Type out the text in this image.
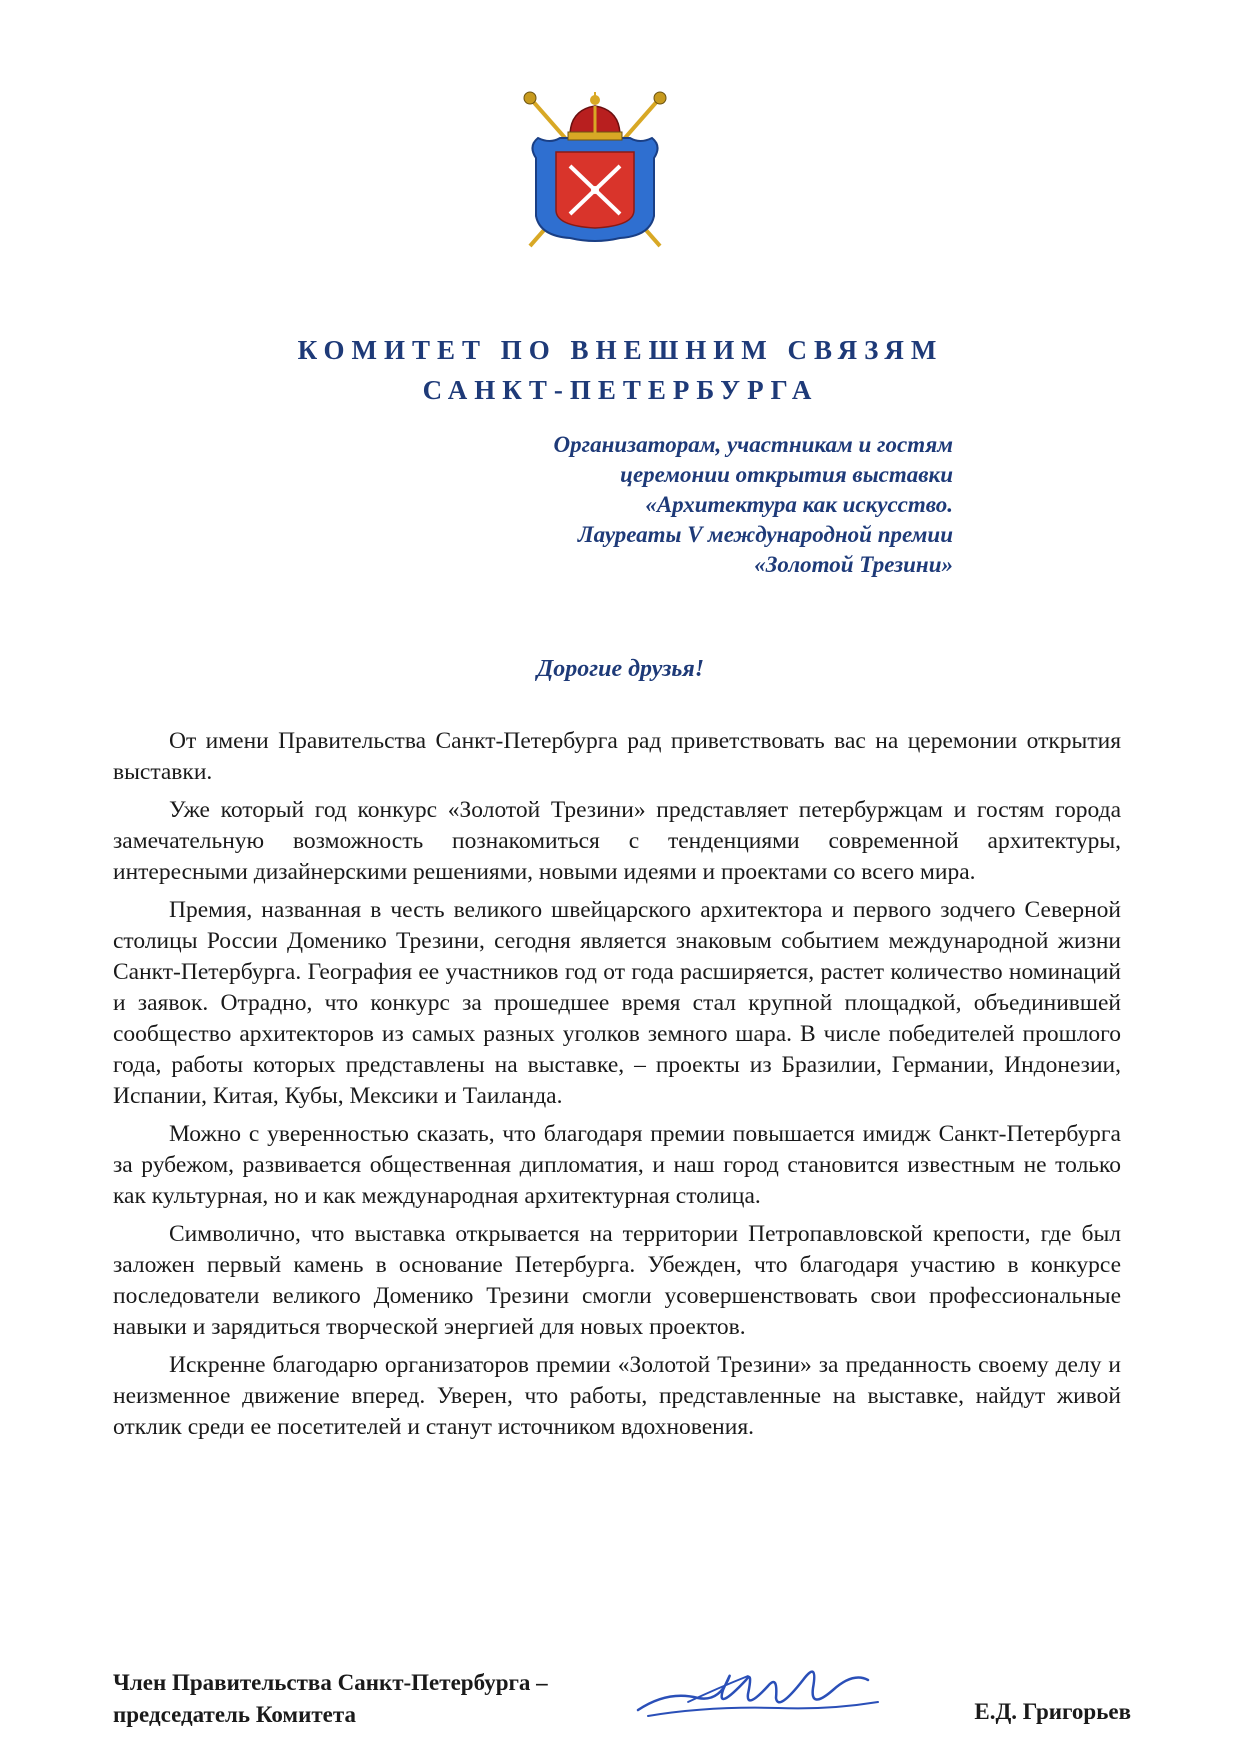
КОМИТЕТ ПО ВНЕШНИМ СВЯЗЯМ
САНКТ-ПЕТЕРБУРГА
Организаторам, участникам и гостям
церемонии открытия выставки
«Архитектура как искусство.
Лауреаты V международной премии
«Золотой Трезини»
Дорогие друзья!

От имени Правительства Санкт-Петербурга рад приветствовать вас на церемонии открытия выставки.

Уже который год конкурс «Золотой Трезини» представляет петербуржцам и гостям города замечательную возможность познакомиться с тенденциями современной архитектуры, интересными дизайнерскими решениями, новыми идеями и проектами со всего мира.

Премия, названная в честь великого швейцарского архитектора и первого зодчего Северной столицы России Доменико Трезини, сегодня является знаковым событием международной жизни Санкт-Петербурга. География ее участников год от года расширяется, растет количество номинаций и заявок. Отрадно, что конкурс за прошедшее время стал крупной площадкой, объединившей сообщество архитекторов из самых разных уголков земного шара. В числе победителей прошлого года, работы которых представлены на выставке, – проекты из Бразилии, Германии, Индонезии, Испании, Китая, Кубы, Мексики и Таиланда.

Можно с уверенностью сказать, что благодаря премии повышается имидж Санкт-Петербурга за рубежом, развивается общественная дипломатия, и наш город становится известным не только как культурная, но и как международная архитектурная столица.

Символично, что выставка открывается на территории Петропавловской крепости, где был заложен первый камень в основание Петербурга. Убежден, что благодаря участию в конкурсе последователи великого Доменико Трезини смогли усовершенствовать свои профессиональные навыки и зарядиться творческой энергией для новых проектов.

Искренне благодарю организаторов премии «Золотой Трезини» за преданность своему делу и неизменное движение вперед. Уверен, что работы, представленные на выставке, найдут живой отклик среди ее посетителей и станут источником вдохновения.

Член Правительства Санкт-Петербурга –
председатель Комитета	Е.Д. Григорьев
